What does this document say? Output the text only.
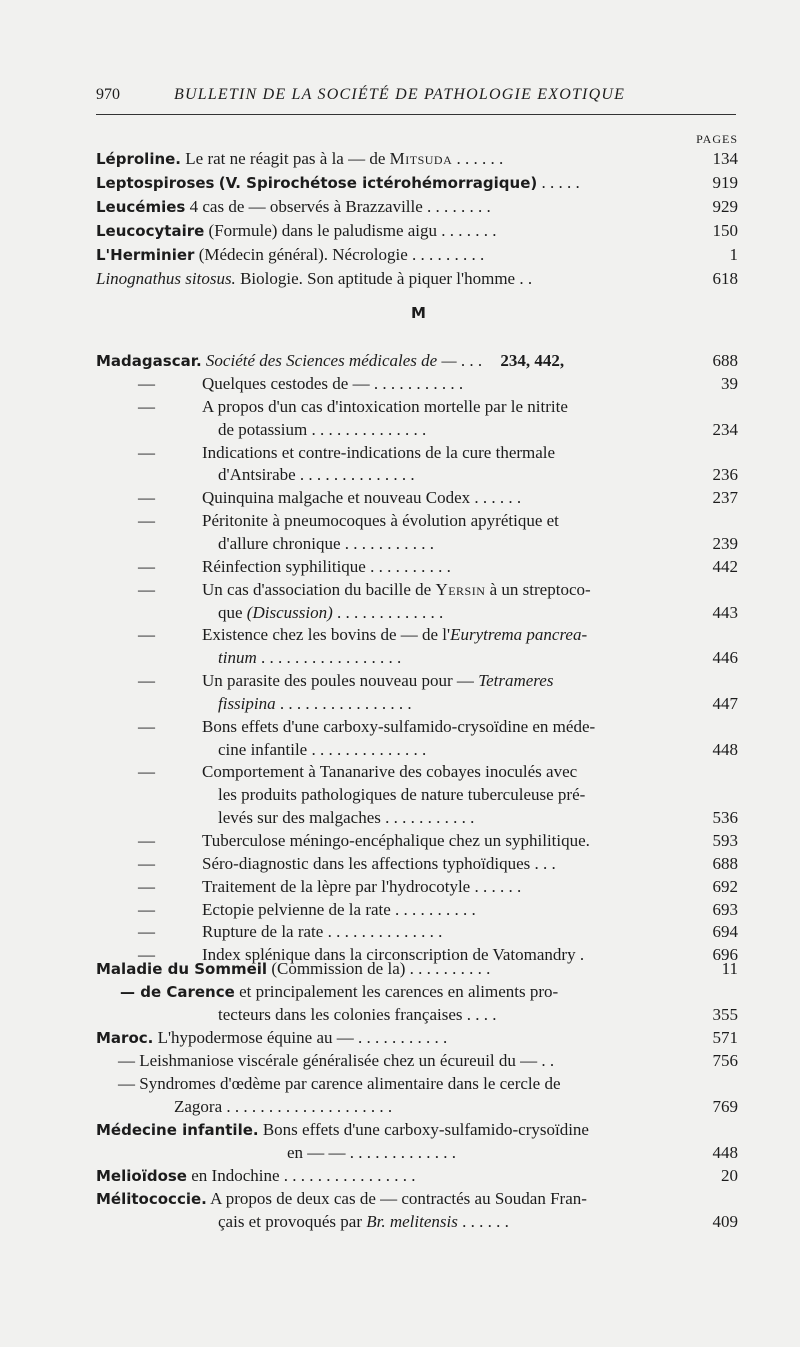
970	BULLETIN DE LA SOCIÉTÉ DE PATHOLOGIE EXOTIQUE
PAGES
Léproline. Le rat ne réagit pas à la — de Mitsuda . . . . . .	134
Leptospiroses (V. Spirochétose ictérohémorragique) . . . . .	919
Leucémies 4 cas de — observés à Brazzaville . . . . . . . .	929
Leucocytaire (Formule) dans le paludisme aigu . . . . . . .	150
L'Herminier (Médecin général). Nécrologie . . . . . . . . .	1
Linognathus sitosus. Biologie. Son aptitude à piquer l'homme . .	618
M
Madagascar. Société des Sciences médicales de — . . . 234, 442,	688
—	Quelques cestodes de — . . . . . . . . . . .	39
—	A propos d'un cas d'intoxication mortelle par le nitrite
de potassium . . . . . . . . . . . . . .	234
—	Indications et contre-indications de la cure thermale
d'Antsirabe . . . . . . . . . . . . . .	236
—	Quinquina malgache et nouveau Codex . . . . . .	237
—	Péritonite à pneumocoques à évolution apyrétique et
d'allure chronique . . . . . . . . . . .	239
—	Réinfection syphilitique . . . . . . . . . .	442
—	Un cas d'association du bacille de Yersin à un streptoco-
que (Discussion) . . . . . . . . . . . . .	443
—	Existence chez les bovins de — de l'Eurytrema pancrea-
tinum . . . . . . . . . . . . . . . . .	446
—	Un parasite des poules nouveau pour — Tetrameres
fissipina . . . . . . . . . . . . . . . .	447
—	Bons effets d'une carboxy-sulfamido-crysoïdine en méde-
cine infantile . . . . . . . . . . . . . .	448
—	Comportement à Tananarive des cobayes inoculés avec
les produits pathologiques de nature tuberculeuse pré-
levés sur des malgaches . . . . . . . . . . .	536
—	Tuberculose méningo-encéphalique chez un syphilitique.	593
—	Séro-diagnostic dans les affections typhoïdiques . . .	688
—	Traitement de la lèpre par l'hydrocotyle . . . . . .	692
—	Ectopie pelvienne de la rate . . . . . . . . . .	693
—	Rupture de la rate . . . . . . . . . . . . . .	694
—	Index splénique dans la circonscription de Vatomandry .	696
Maladie du Sommeil (Commission de la) . . . . . . . . . .	11
— de Carence et principalement les carences en aliments pro-
tecteurs dans les colonies françaises . . . .	355
Maroc. L'hypodermose équine au — . . . . . . . . . . .	571
— Leishmaniose viscérale généralisée chez un écureuil du — . .	756
— Syndromes d'œdème par carence alimentaire dans le cercle de
Zagora . . . . . . . . . . . . . . . . . . . .	769
Médecine infantile. Bons effets d'une carboxy-sulfamido-crysoïdine
en — — . . . . . . . . . . . . .	448
Melioïdose en Indochine . . . . . . . . . . . . . . . .	20
Mélitococcie. A propos de deux cas de — contractés au Soudan Fran-
çais et provoqués par Br. melitensis . . . . . .	409
